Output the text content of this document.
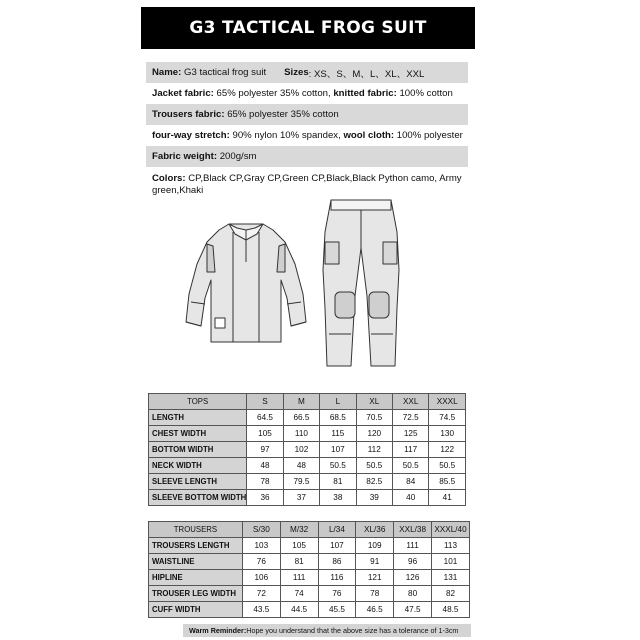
G3 TACTICAL FROG SUIT
Name:
G3 tactical frog suit Sizes : XS、S、M、L、XL、XXL
Jacket fabric:
65% polyester 35% cotton,
knitted fabric:
100% cotton
Trousers fabric:
65% polyester 35% cotton
four-way stretch:
90% nylon 10% spandex,
wool cloth:
100% polyester
Fabric weight:
200g/sm
Colors: CP,Black CP,Gray CP,Green CP,Black,Black Python camo, Army green,Khaki
TOPS	S	M	L	XL	XXL	XXXL
LENGTH	64.5	66.5	68.5	70.5	72.5	74.5
CHEST WIDTH	105	110	115	120	125	130
BOTTOM WIDTH	97	102	107	112	117	122
NECK WIDTH	48	48	50.5	50.5	50.5	50.5
SLEEVE LENGTH	78	79.5	81	82.5	84	85.5
SLEEVE BOTTOM WIDTH	36	37	38	39	40	41
TROUSERS	S/30	M/32	L/34	XL/36	XXL/38	XXXL/40
TROUSERS LENGTH	103	105	107	109	111	113
WAISTLINE	76	81	86	91	96	101
HIPLINE	106	111	116	121	126	131
TROUSER LEG WIDTH	72	74	76	78	80	82
CUFF WIDTH	43.5	44.5	45.5	46.5	47.5	48.5
Warm Reminder: Hope you understand that the above size has a tolerance of 1-3cm
